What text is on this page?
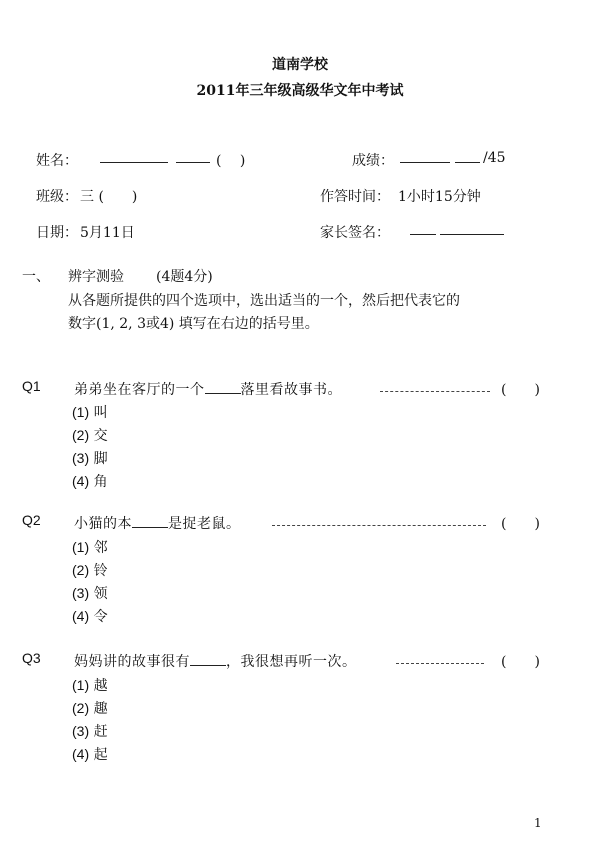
道南学校
2011年三年级高级华文年中考试
姓名：	(　 )	成绩：	/45
班级： 三 (　　)	作答时间： 1小时15分钟
日期： 5月11日	家长签名：
一、 辨字测验 (4题4分)
从各题所提供的四个选项中，选出适当的一个，然后把代表它的
数字(1, 2, 3或4) 填写在右边的括号里。
Q1 弟弟坐在客厅的一个	落里看故事书。	(　　)
(1) 叫
(2) 交
(3) 脚
(4) 角
Q2 小猫的本	是捉老鼠。	(　　)
(1) 邻
(2) 铃
(3) 领
(4) 令
Q3 妈妈讲的故事很有	，我很想再听一次。	(　　)
(1) 越
(2) 趣
(3) 赶
(4) 起
1
